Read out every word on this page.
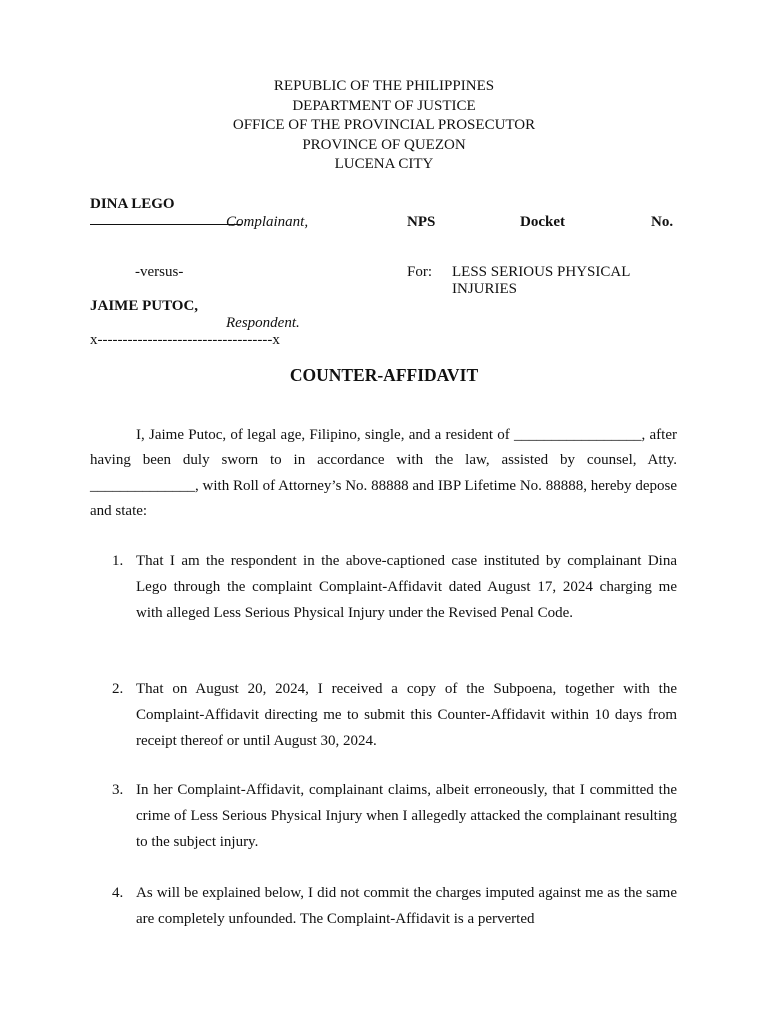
REPUBLIC OF THE PHILIPPINES
DEPARTMENT OF JUSTICE
OFFICE OF THE PROVINCIAL PROSECUTOR
PROVINCE OF QUEZON
LUCENA CITY
DINA LEGO
Complainant,	NPS	Docket	No.
-versus-	For: LESS SERIOUS PHYSICAL
INJURIES
JAIME PUTOC,
Respondent.
x-----------------------------------x
COUNTER-AFFIDAVIT
I, Jaime Putoc, of legal age, Filipino, single, and a resident of _________________, after having been duly sworn to in accordance with the law, assisted by counsel, Atty. ______________, with Roll of Attorney’s No. 88888 and IBP Lifetime No. 88888, hereby depose and state:
1. That I am the respondent in the above-captioned case instituted by complainant Dina Lego through the complaint Complaint-Affidavit dated August 17, 2024 charging me with alleged Less Serious Physical Injury under the Revised Penal Code.
2. That on August 20, 2024, I received a copy of the Subpoena, together with the Complaint-Affidavit directing me to submit this Counter-Affidavit within 10 days from receipt thereof or until August 30, 2024.
3. In her Complaint-Affidavit, complainant claims, albeit erroneously, that I committed the crime of Less Serious Physical Injury when I allegedly attacked the complainant resulting to the subject injury.
4. As will be explained below, I did not commit the charges imputed against me as the same are completely unfounded. The Complaint-Affidavit is a perverted
